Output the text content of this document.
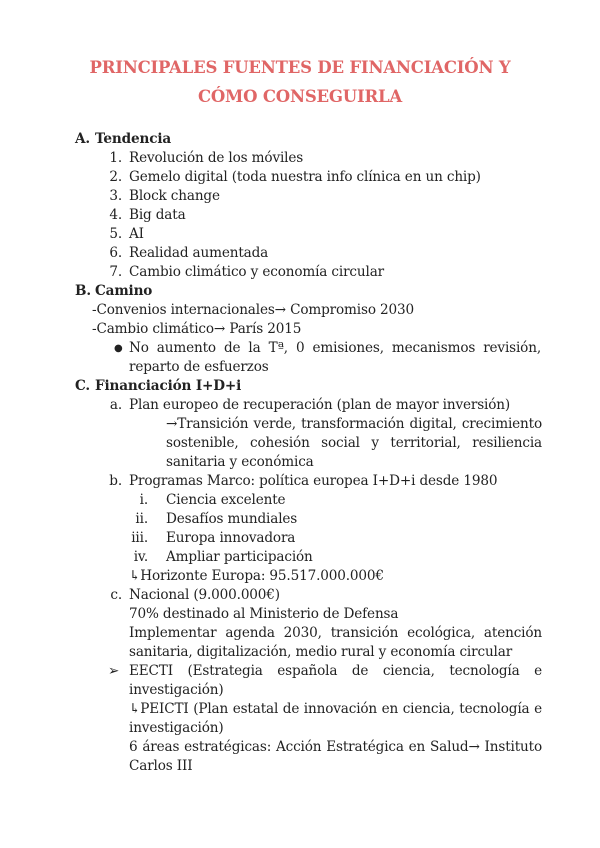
PRINCIPALES FUENTES DE FINANCIACIÓN Y CÓMO CONSEGUIRLA
A. Tendencia
1. Revolución de los móviles
2. Gemelo digital (toda nuestra info clínica en un chip)
3. Block change
4. Big data
5. AI
6. Realidad aumentada
7. Cambio climático y economía circular
B. Camino
-Convenios internacionales→ Compromiso 2030
-Cambio climático→ París 2015
● No aumento de la Tª, 0 emisiones, mecanismos revisión, reparto de esfuerzos
C. Financiación I+D+i
a. Plan europeo de recuperación (plan de mayor inversión)
→Transición verde, transformación digital, crecimiento sostenible, cohesión social y territorial, resiliencia sanitaria y económica
b. Programas Marco: política europea I+D+i desde 1980
i. Ciencia excelente
ii. Desafíos mundiales
iii. Europa innovadora
iv. Ampliar participación
↳Horizonte Europa: 95.517.000.000€
c. Nacional (9.000.000€)
70% destinado al Ministerio de Defensa
Implementar agenda 2030, transición ecológica, atención sanitaria, digitalización, medio rural y economía circular
➢ EECTI (Estrategia española de ciencia, tecnología e investigación)
↳PEICTI (Plan estatal de innovación en ciencia, tecnología e investigación)
6 áreas estratégicas: Acción Estratégica en Salud→ Instituto Carlos III
